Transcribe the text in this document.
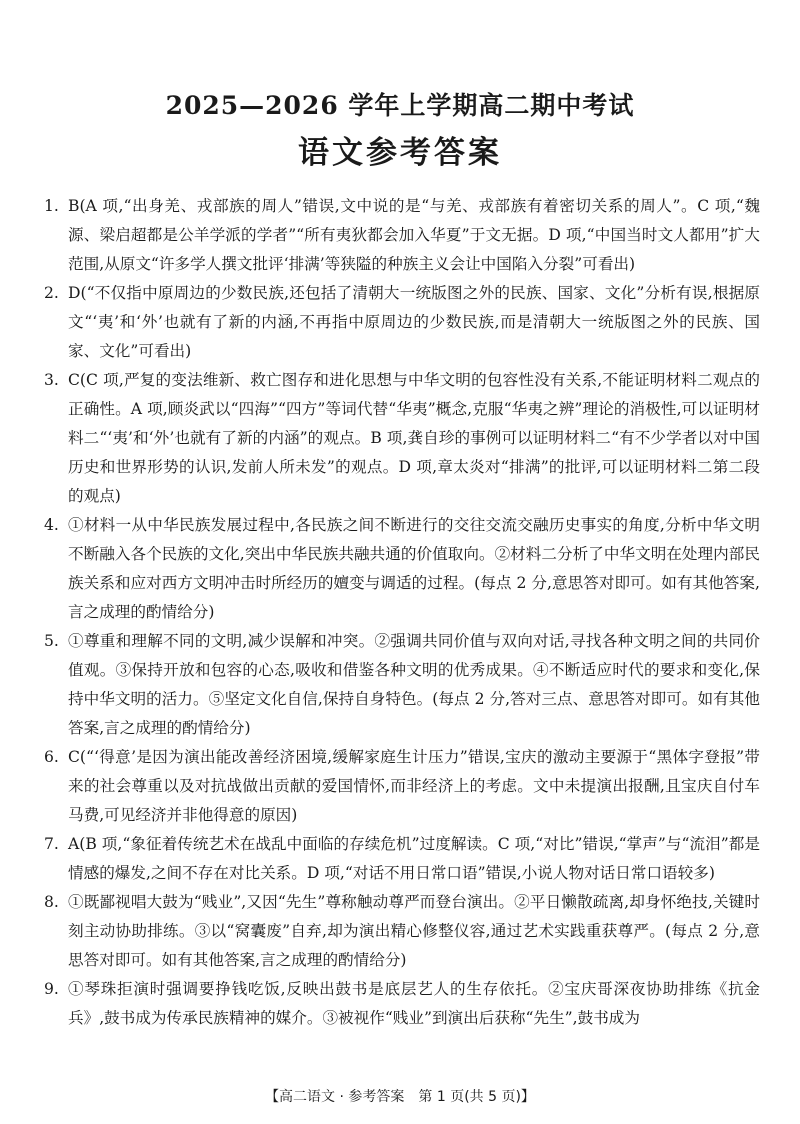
2025—2026 学年上学期高二期中考试
语文参考答案

1. B(A 项,“出身羌、戎部族的周人”错误,文中说的是“与羌、戎部族有着密切关系的周人”。C 项,“魏源、梁启超都是公羊学派的学者”“所有夷狄都会加入华夏”于文无据。D 项,“中国当时文人都用”扩大范围,从原文“许多学人撰文批评‘排满’等狭隘的种族主义会让中国陷入分裂”可看出)

2. D(“不仅指中原周边的少数民族,还包括了清朝大一统版图之外的民族、国家、文化”分析有误,根据原文“‘夷’和‘外’也就有了新的内涵,不再指中原周边的少数民族,而是清朝大一统版图之外的民族、国家、文化”可看出)

3. C(C 项,严复的变法维新、救亡图存和进化思想与中华文明的包容性没有关系,不能证明材料二观点的正确性。A 项,顾炎武以“四海”“四方”等词代替“华夷”概念,克服“华夷之辨”理论的消极性,可以证明材料二“‘夷’和‘外’也就有了新的内涵”的观点。B 项,龚自珍的事例可以证明材料二“有不少学者以对中国历史和世界形势的认识,发前人所未发”的观点。D 项,章太炎对“排满”的批评,可以证明材料二第二段的观点)

4. ①材料一从中华民族发展过程中,各民族之间不断进行的交往交流交融历史事实的角度,分析中华文明不断融入各个民族的文化,突出中华民族共融共通的价值取向。②材料二分析了中华文明在处理内部民族关系和应对西方文明冲击时所经历的嬗变与调适的过程。(每点 2 分,意思答对即可。如有其他答案,言之成理的酌情给分)

5. ①尊重和理解不同的文明,减少误解和冲突。②强调共同价值与双向对话,寻找各种文明之间的共同价值观。③保持开放和包容的心态,吸收和借鉴各种文明的优秀成果。④不断适应时代的要求和变化,保持中华文明的活力。⑤坚定文化自信,保持自身特色。(每点 2 分,答对三点、意思答对即可。如有其他答案,言之成理的酌情给分)

6. C(“‘得意’是因为演出能改善经济困境,缓解家庭生计压力”错误,宝庆的激动主要源于“黑体字登报”带来的社会尊重以及对抗战做出贡献的爱国情怀,而非经济上的考虑。文中未提演出报酬,且宝庆自付车马费,可见经济并非他得意的原因)

7. A(B 项,“象征着传统艺术在战乱中面临的存续危机”过度解读。C 项,“对比”错误,“掌声”与“流泪”都是情感的爆发,之间不存在对比关系。D 项,“对话不用日常口语”错误,小说人物对话日常口语较多)

8. ①既鄙视唱大鼓为“贱业”,又因“先生”尊称触动尊严而登台演出。②平日懒散疏离,却身怀绝技,关键时刻主动协助排练。③以“窝囊废”自弃,却为演出精心修整仪容,通过艺术实践重获尊严。(每点 2 分,意思答对即可。如有其他答案,言之成理的酌情给分)

9. ①琴珠拒演时强调要挣钱吃饭,反映出鼓书是底层艺人的生存依托。②宝庆哥深夜协助排练《抗金兵》,鼓书成为传承民族精神的媒介。③被视作“贱业”到演出后获称“先生”,鼓书成为

【高二语文 · 参考答案　第 1 页(共 5 页)】
